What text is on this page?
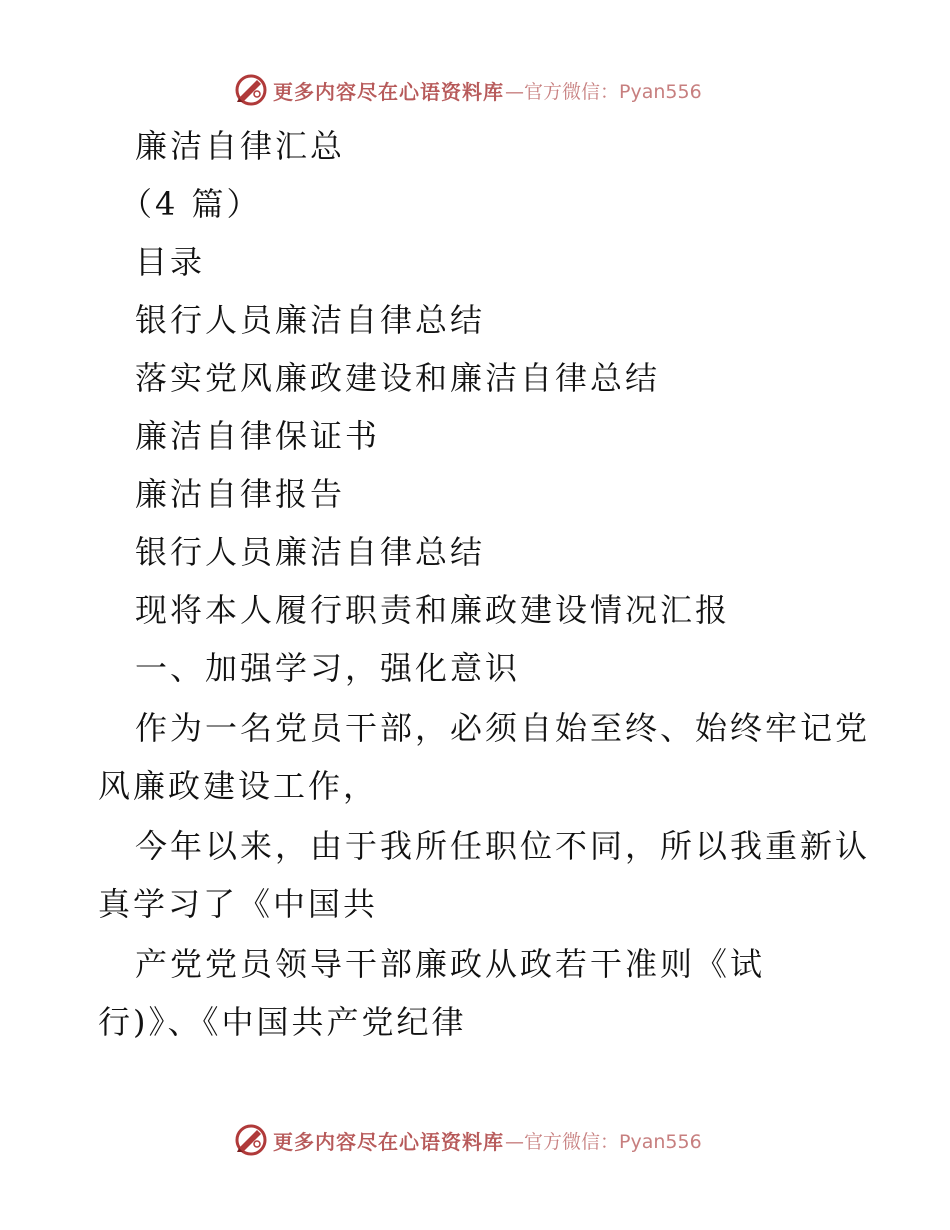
更多内容尽在心语资料库 —官方微信：Pyan556
廉洁自律汇总
（4 篇）
目录
银行人员廉洁自律总结
落实党风廉政建设和廉洁自律总结
廉洁自律保证书
廉沽自律报告
银行人员廉洁自律总结
现将本人履行职责和廉政建设情况汇报
一、加强学习，强化意识
作为一名党员干部，必须自始至终、始终牢记党
风廉政建设工作，
今年以来，由于我所任职位不同，所以我重新认
真学习了《中国共
产党党员领导干部廉政从政若干准则《试
行)》、《中国共产党纪律
更多内容尽在心语资料库 —官方微信：Pyan556
